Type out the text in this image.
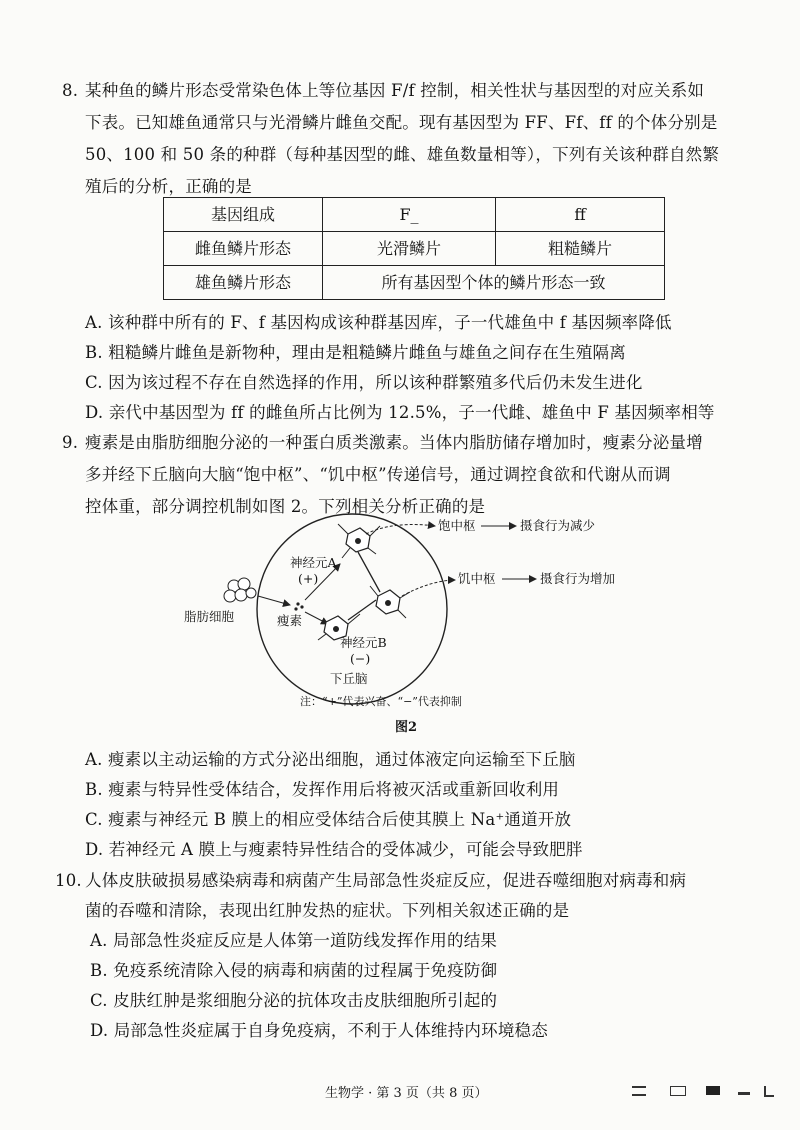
8. 某种鱼的鳞片形态受常染色体上等位基因 F/f 控制，相关性状与基因型的对应关系如
下表。已知雄鱼通常只与光滑鳞片雌鱼交配。现有基因型为 FF、Ff、ff 的个体分别是
50、100 和 50 条的种群（每种基因型的雌、雄鱼数量相等），下列有关该种群自然繁
殖后的分析，正确的是
基因组成	F_	ff
雌鱼鳞片形态	光滑鳞片	粗糙鳞片
雄鱼鳞片形态	所有基因型个体的鳞片形态一致	
A. 该种群中所有的 F、f 基因构成该种群基因库，子一代雄鱼中 f 基因频率降低
B. 粗糙鳞片雌鱼是新物种，理由是粗糙鳞片雌鱼与雄鱼之间存在生殖隔离
C. 因为该过程不存在自然选择的作用，所以该种群繁殖多代后仍未发生进化
D. 亲代中基因型为 ff 的雌鱼所占比例为 12.5%，子一代雌、雄鱼中 F 基因频率相等
9. 瘦素是由脂肪细胞分泌的一种蛋白质类激素。当体内脂肪储存增加时，瘦素分泌量增
多并经下丘脑向大脑“饱中枢”、“饥中枢”传递信号，通过调控食欲和代谢从而调
控体重，部分调控机制如图 2。下列相关分析正确的是
饱中枢	摄食行为减少
饥中枢	摄食行为增加
神经元A
(+)
神经元B
(−)
脂肪细胞	瘦素
下丘脑
注：“+”代表兴奋、“−”代表抑制
图2
A. 瘦素以主动运输的方式分泌出细胞，通过体液定向运输至下丘脑
B. 瘦素与特异性受体结合，发挥作用后将被灭活或重新回收利用
C. 瘦素与神经元 B 膜上的相应受体结合后使其膜上 Na⁺通道开放
D. 若神经元 A 膜上与瘦素特异性结合的受体减少，可能会导致肥胖
10. 人体皮肤破损易感染病毒和病菌产生局部急性炎症反应，促进吞噬细胞对病毒和病
菌的吞噬和清除，表现出红肿发热的症状。下列相关叙述正确的是
A. 局部急性炎症反应是人体第一道防线发挥作用的结果
B. 免疫系统清除入侵的病毒和病菌的过程属于免疫防御
C. 皮肤红肿是浆细胞分泌的抗体攻击皮肤细胞所引起的
D. 局部急性炎症属于自身免疫病，不利于人体维持内环境稳态
生物学 · 第 3 页（共 8 页）
